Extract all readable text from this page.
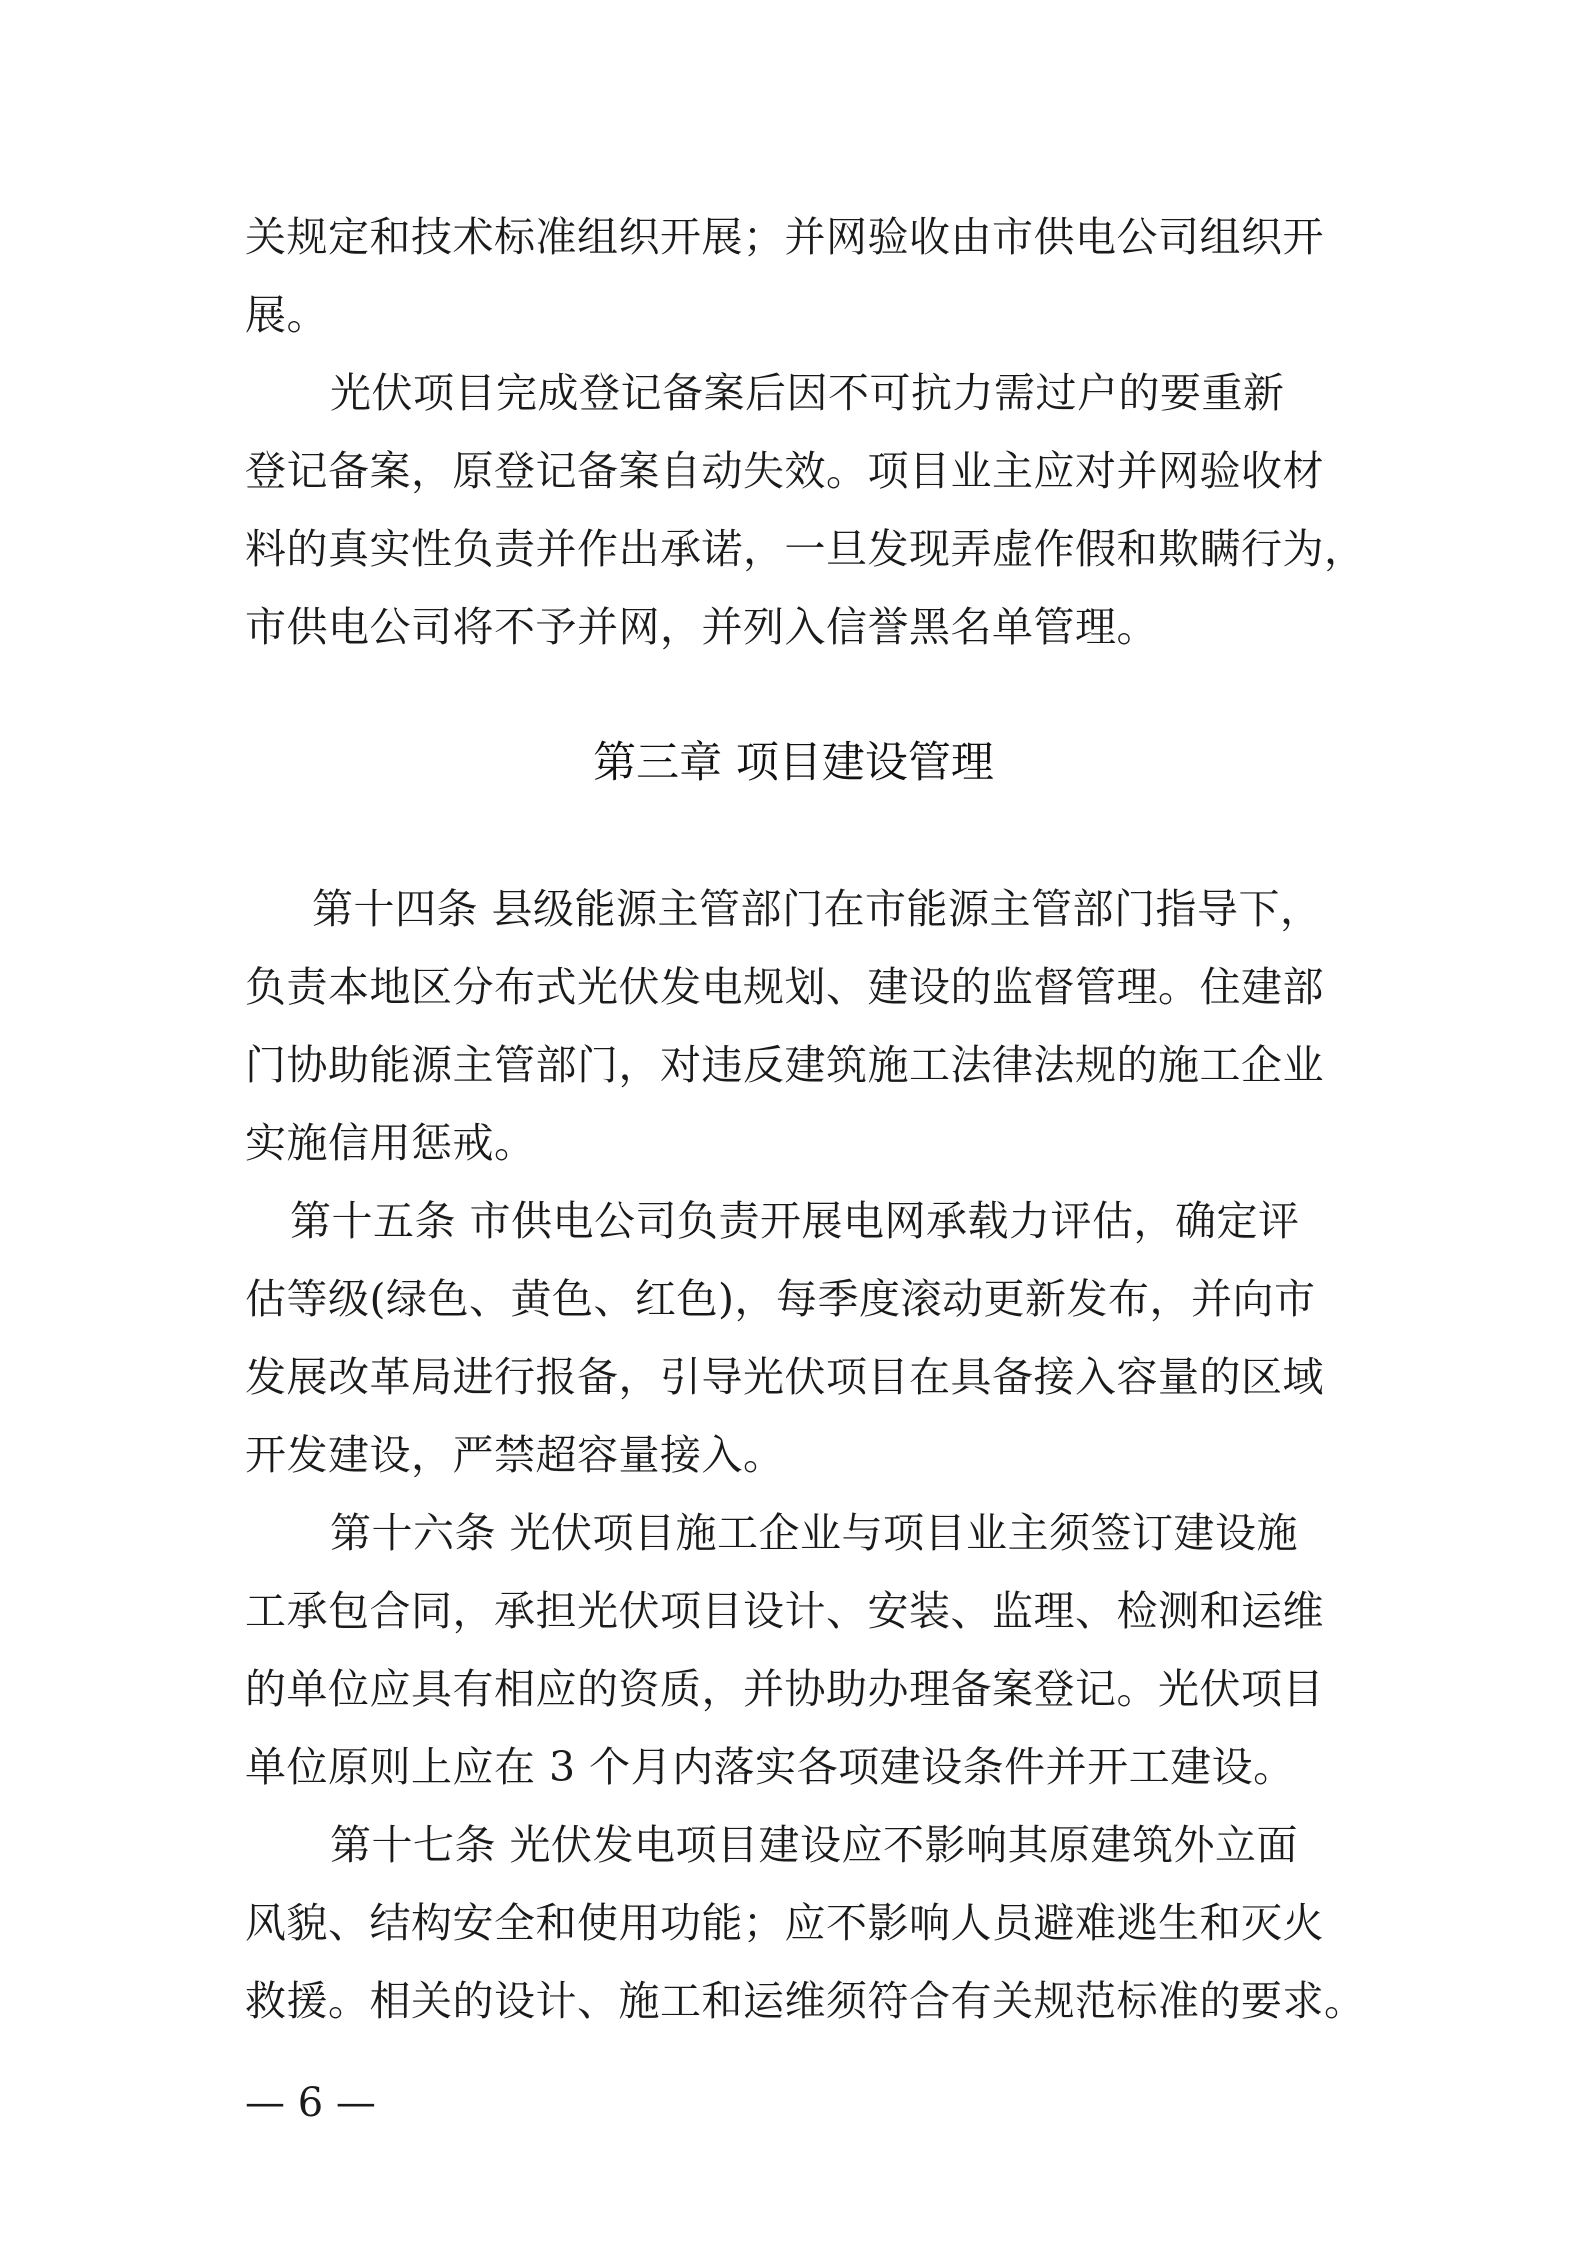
关规定和技术标准组织开展；并网验收由市供电公司组织开
展。
光伏项目完成登记备案后因不可抗力需过户的要重新
登记备案，原登记备案自动失效。项目业主应对并网验收材
料的真实性负责并作出承诺，一旦发现弄虚作假和欺瞒行为，
市供电公司将不予并网，并列入信誉黑名单管理。
第三章 项目建设管理
第十四条 县级能源主管部门在市能源主管部门指导下，
负责本地区分布式光伏发电规划、建设的监督管理。住建部
门协助能源主管部门，对违反建筑施工法律法规的施工企业
实施信用惩戒。
第十五条 市供电公司负责开展电网承载力评估，确定评
估等级(绿色、黄色、红色)，每季度滚动更新发布，并向市
发展改革局进行报备，引导光伏项目在具备接入容量的区域
开发建设，严禁超容量接入。
第十六条 光伏项目施工企业与项目业主须签订建设施
工承包合同，承担光伏项目设计、安装、监理、检测和运维
的单位应具有相应的资质，并协助办理备案登记。光伏项目
单位原则上应在 3 个月内落实各项建设条件并开工建设。
第十七条 光伏发电项目建设应不影响其原建筑外立面
风貌、结构安全和使用功能；应不影响人员避难逃生和灭火
救援。相关的设计、施工和运维须符合有关规范标准的要求。
— 6 —
